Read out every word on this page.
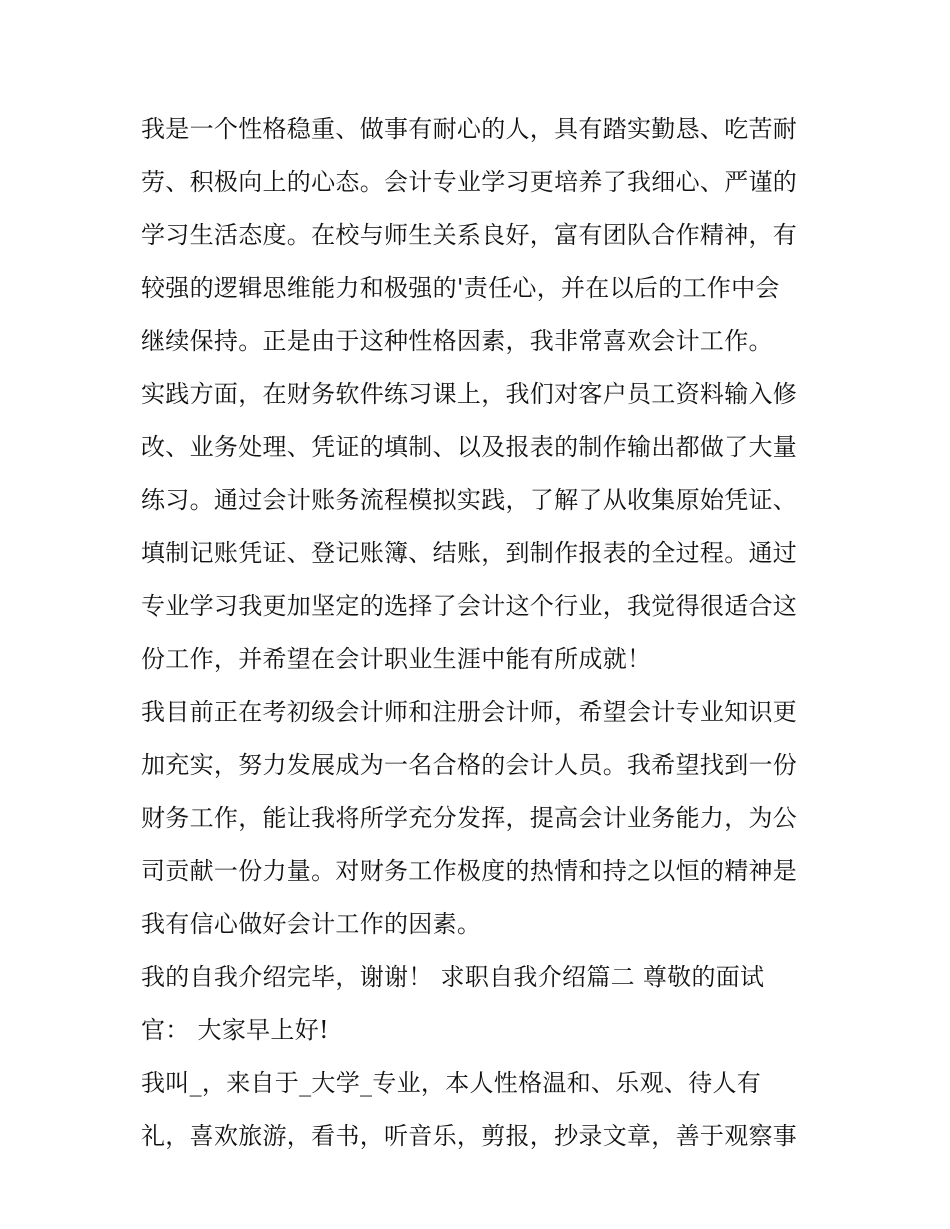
我是一个性格稳重、做事有耐心的人，具有踏实勤恳、吃苦耐
劳、积极向上的心态。会计专业学习更培养了我细心、严谨的
学习生活态度。在校与师生关系良好，富有团队合作精神，有
较强的逻辑思维能力和极强的'责任心，并在以后的工作中会
继续保持。正是由于这种性格因素，我非常喜欢会计工作。
实践方面，在财务软件练习课上，我们对客户员工资料输入修
改、业务处理、凭证的填制、以及报表的制作输出都做了大量
练习。通过会计账务流程模拟实践，了解了从收集原始凭证、
填制记账凭证、登记账簿、结账，到制作报表的全过程。通过
专业学习我更加坚定的选择了会计这个行业，我觉得很适合这
份工作，并希望在会计职业生涯中能有所成就！
我目前正在考初级会计师和注册会计师，希望会计专业知识更
加充实，努力发展成为一名合格的会计人员。我希望找到一份
财务工作，能让我将所学充分发挥，提高会计业务能力，为公
司贡献一份力量。对财务工作极度的热情和持之以恒的精神是
我有信心做好会计工作的因素。
我的自我介绍完毕，谢谢！ 求职自我介绍篇二 尊敬的面试
官： 大家早上好!
我叫_，来自于_大学_专业，本人性格温和、乐观、待人有
礼，喜欢旅游，看书，听音乐，剪报，抄录文章，善于观察事
